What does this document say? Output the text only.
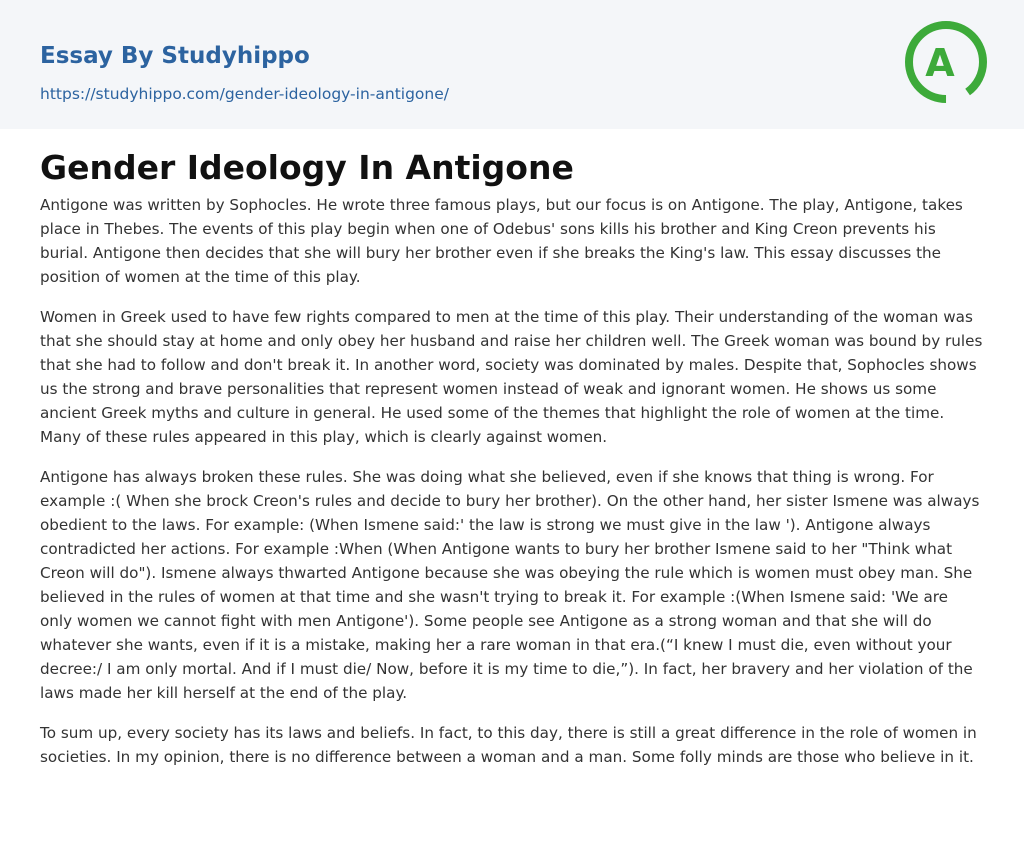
Essay By Studyhippo
https://studyhippo.com/gender-ideology-in-antigone/
A
Gender Ideology In Antigone

Antigone was written by Sophocles. He wrote three famous plays, but our focus is on Antigone. The play, Antigone, takes place in Thebes. The events of this play begin when one of Odebus' sons kills his brother and King Creon prevents his burial. Antigone then decides that she will bury her brother even if she breaks the King's law. This essay discusses the position of women at the time of this play.

Women in Greek used to have few rights compared to men at the time of this play. Their understanding of the woman was that she should stay at home and only obey her husband and raise her children well. The Greek woman was bound by rules that she had to follow and don't break it. In another word, society was dominated by males. Despite that, Sophocles shows us the strong and brave personalities that represent women instead of weak and ignorant women. He shows us some ancient Greek myths and culture in general. He used some of the themes that highlight the role of women at the time. Many of these rules appeared in this play, which is clearly against women.

Antigone has always broken these rules. She was doing what she believed, even if she knows that thing is wrong. For example :( When she brock Creon's rules and decide to bury her brother). On the other hand, her sister Ismene was always obedient to the laws. For example: (When Ismene said:' the law is strong we must give in the law '). Antigone always contradicted her actions. For example :When (When Antigone wants to bury her brother Ismene said to her "Think what Creon will do"). Ismene always thwarted Antigone because she was obeying the rule which is women must obey man. She believed in the rules of women at that time and she wasn't trying to break it. For example :(When Ismene said: 'We are only women we cannot fight with men Antigone'). Some people see Antigone as a strong woman and that she will do whatever she wants, even if it is a mistake, making her a rare woman in that era.(“I knew I must die, even without your decree:/ I am only mortal. And if I must die/ Now, before it is my time to die,”). In fact, her bravery and her violation of the laws made her kill herself at the end of the play.

To sum up, every society has its laws and beliefs. In fact, to this day, there is still a great difference in the role of women in societies. In my opinion, there is no difference between a woman and a man. Some folly minds are those who believe in it.
